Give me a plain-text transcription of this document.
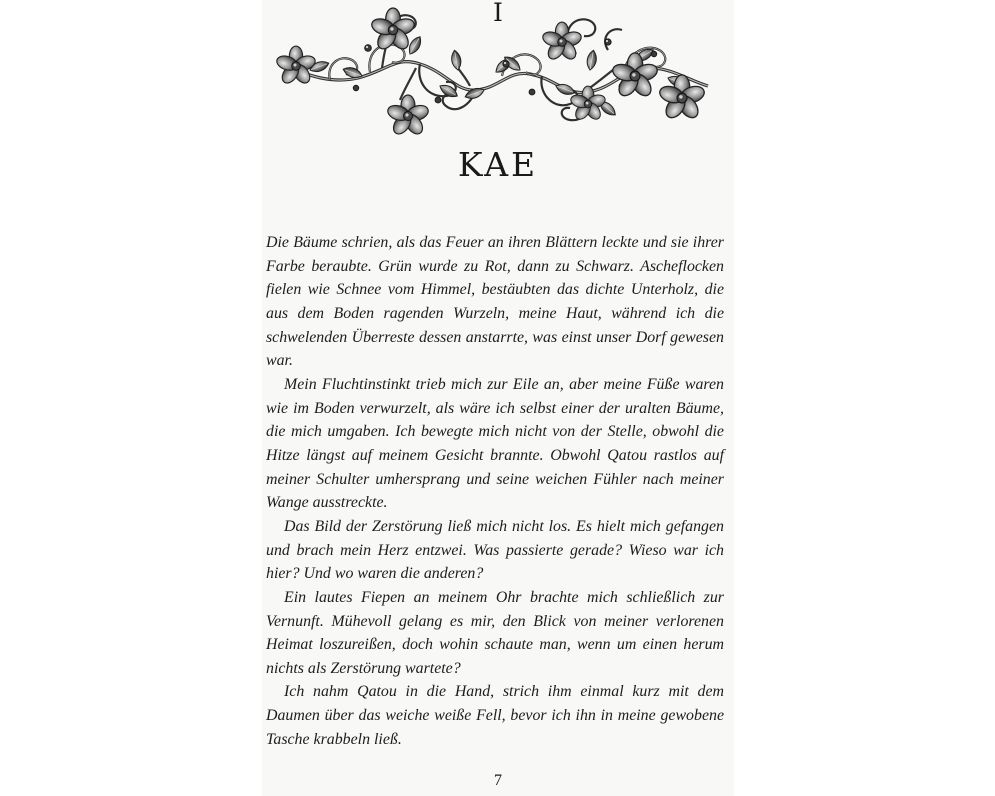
I
KAE

Die Bäume schrien, als das Feuer an ihren Blättern leckte und sie ihrer Farbe beraubte. Grün wurde zu Rot, dann zu Schwarz. Ascheflocken fielen wie Schnee vom Himmel, bestäubten das dichte Unterholz, die aus dem Boden ragenden Wurzeln, meine Haut, während ich die schwelenden Überreste dessen anstarrte, was einst unser Dorf gewesen war.

Mein Fluchtinstinkt trieb mich zur Eile an, aber meine Füße waren wie im Boden verwurzelt, als wäre ich selbst einer der uralten Bäume, die mich umgaben. Ich bewegte mich nicht von der Stelle, obwohl die Hitze längst auf meinem Gesicht brannte. Obwohl Qatou rastlos auf meiner Schulter umhersprang und seine weichen Fühler nach meiner Wange ausstreckte.

Das Bild der Zerstörung ließ mich nicht los. Es hielt mich gefangen und brach mein Herz entzwei. Was passierte gerade? Wieso war ich hier? Und wo waren die anderen?

Ein lautes Fiepen an meinem Ohr brachte mich schließlich zur Vernunft. Mühevoll gelang es mir, den Blick von meiner verlorenen Heimat loszureißen, doch wohin schaute man, wenn um einen herum nichts als Zerstörung wartete?

Ich nahm Qatou in die Hand, strich ihm einmal kurz mit dem Daumen über das weiche weiße Fell, bevor ich ihn in meine gewobene Tasche krabbeln ließ.

7
